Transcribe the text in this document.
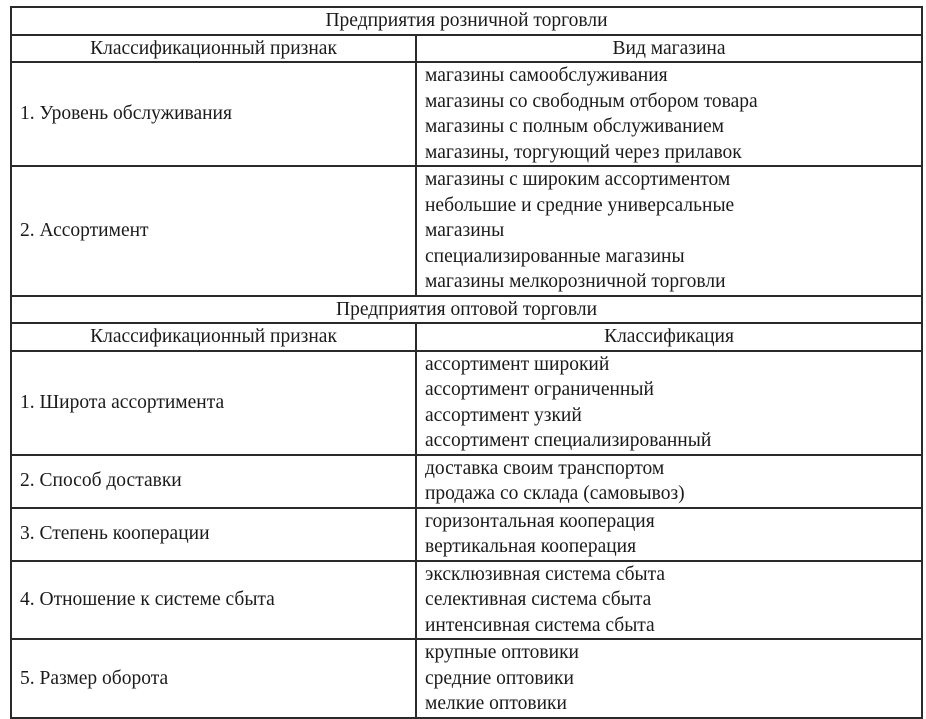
Предприятия розничной торговли	
Классификационный признак	Вид магазина
1. Уровень обслуживания	магазины самообслуживания
магазины со свободным отбором товара
магазины с полным обслуживанием
магазины, торгующий через прилавок

2. Ассортимент	магазины с широким ассортиментом
небольшие и средние универсальные
магазины
специализированные магазины
магазины мелкорозничной торговли

Предприятия оптовой торговли	
Классификационный признак	Классификация
1. Широта ассортимента	ассортимент широкий
ассортимент ограниченный
ассортимент узкий
ассортимент специализированный

2. Способ доставки	доставка своим транспортом
продажа со склада (самовывоз)

3. Степень кооперации	горизонтальная кооперация
вертикальная кооперация

4. Отношение к системе сбыта	эксклюзивная система сбыта
селективная система сбыта
интенсивная система сбыта

5. Размер оборота	крупные оптовики
средние оптовики
мелкие оптовики
